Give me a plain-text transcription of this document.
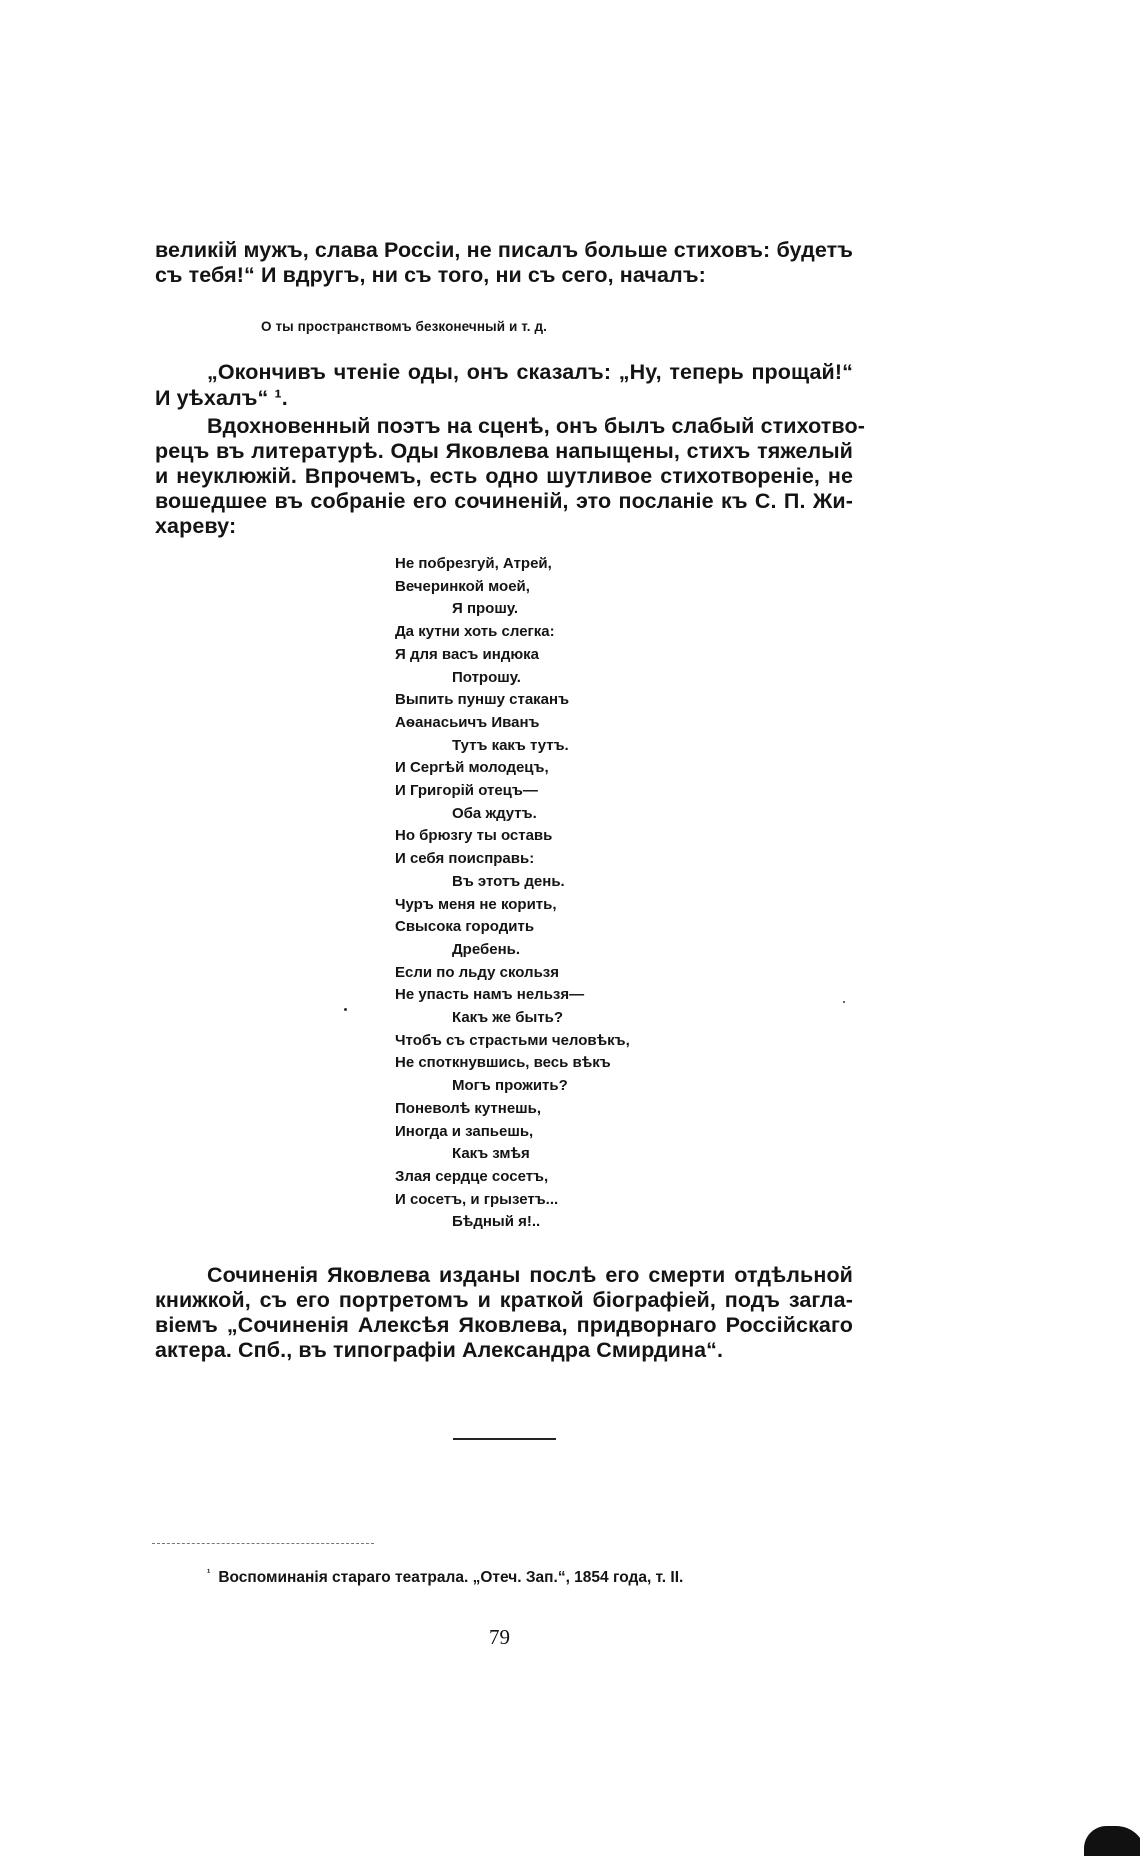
великій мужъ, слава Россіи, не писалъ больше стиховъ: будетъ
съ тебя!“ И вдругъ, ни съ того, ни съ сего, началъ:
О ты пространствомъ безконечный и т. д.
„Окончивъ чтеніе оды, онъ сказалъ: „Ну, теперь прощай!“
И уѣхалъ“ ¹.
Вдохновенный поэтъ на сценѣ, онъ былъ слабый стихотво-
рецъ въ литературѣ. Оды Яковлева напыщены, стихъ тяжелый
и неуклюжій. Впрочемъ, есть одно шутливое стихотвореніе, не
вошедшее въ собраніе его сочиненій, это посланіе къ С. П. Жи-
хареву:
Не побрезгуй, Атрей,
Вечеринкой моей,
Я прошу.
Да кутни хоть слегка:
Я для васъ индюка
Потрошу.
Выпить пуншу стаканъ
Аѳанасьичъ Иванъ
Тутъ какъ тутъ.
И Сергѣй молодецъ,
И Григорій отецъ—
Оба ждутъ.
Но брюзгу ты оставь
И себя поисправь:
Въ этотъ день.
Чуръ меня не корить,
Свысока городить
Дребень.
Если по льду скользя
Не упасть намъ нельзя—
Какъ же быть?
Чтобъ съ страстьми человѣкъ,
Не споткнувшись, весь вѣкъ
Могъ прожить?
Поневолѣ кутнешь,
Иногда и запьешь,
Какъ змѣя
Злая сердце сосетъ,
И сосетъ, и грызетъ...
Бѣдный я!..
Сочиненія Яковлева изданы послѣ его смерти отдѣльной
книжкой, съ его портретомъ и краткой біографіей, подъ загла-
віемъ „Сочиненія Алексѣя Яковлева, придворнаго Россійскаго
актера. Спб., въ типографіи Александра Смирдина“.
$^{^1}$ Воспоминанія стараго театрала. „Отеч. Зап.“, 1854 года, т. II.
79
